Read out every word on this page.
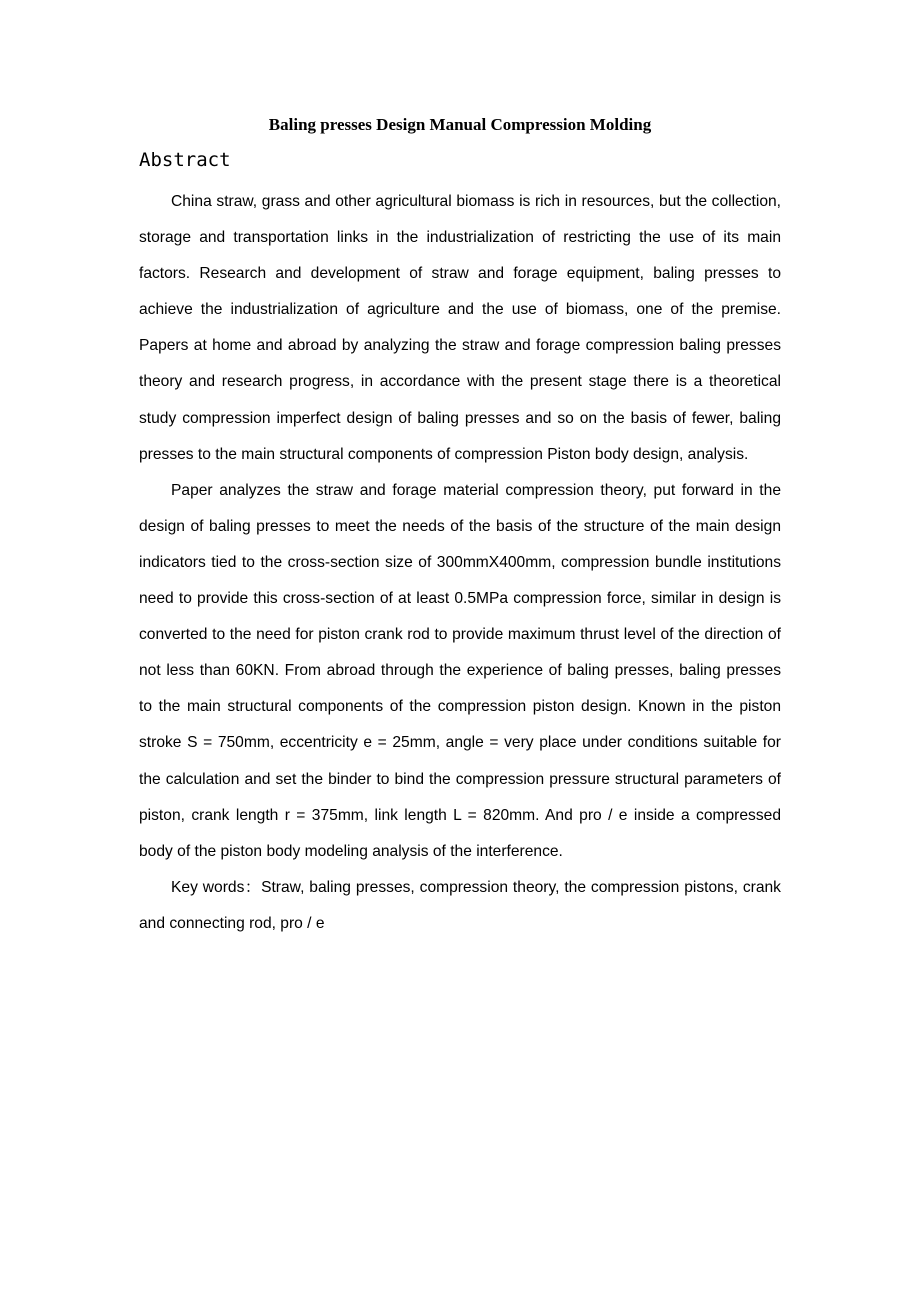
Baling presses Design Manual Compression Molding
Abstract

China straw, grass and other agricultural biomass is rich in resources, but the collection, storage and transportation links in the industrialization of restricting the use of its main factors. Research and development of straw and forage equipment, baling presses to achieve the industrialization of agriculture and the use of biomass, one of the premise. Papers at home and abroad by analyzing the straw and forage compression baling presses theory and research progress, in accordance with the present stage there is a theoretical study compression imperfect design of baling presses and so on the basis of fewer, baling presses to the main structural components of compression Piston body design, analysis.

Paper analyzes the straw and forage material compression theory, put forward in the design of baling presses to meet the needs of the basis of the structure of the main design indicators tied to the cross-section size of 300mmX400mm, compression bundle institutions need to provide this cross-section of at least 0.5MPa compression force, similar in design is converted to the need for piston crank rod to provide maximum thrust level of the direction of not less than 60KN. From abroad through the experience of baling presses, baling presses to the main structural components of the compression piston design. Known in the piston stroke S = 750mm, eccentricity e = 25mm, angle = very place under conditions suitable for the calculation and set the binder to bind the compression pressure structural parameters of piston, crank length r = 375mm, link length L = 820mm. And pro / e inside a compressed body of the piston body modeling analysis of the interference.

Key words：Straw, baling presses, compression theory, the compression pistons, crank and connecting rod, pro / e
